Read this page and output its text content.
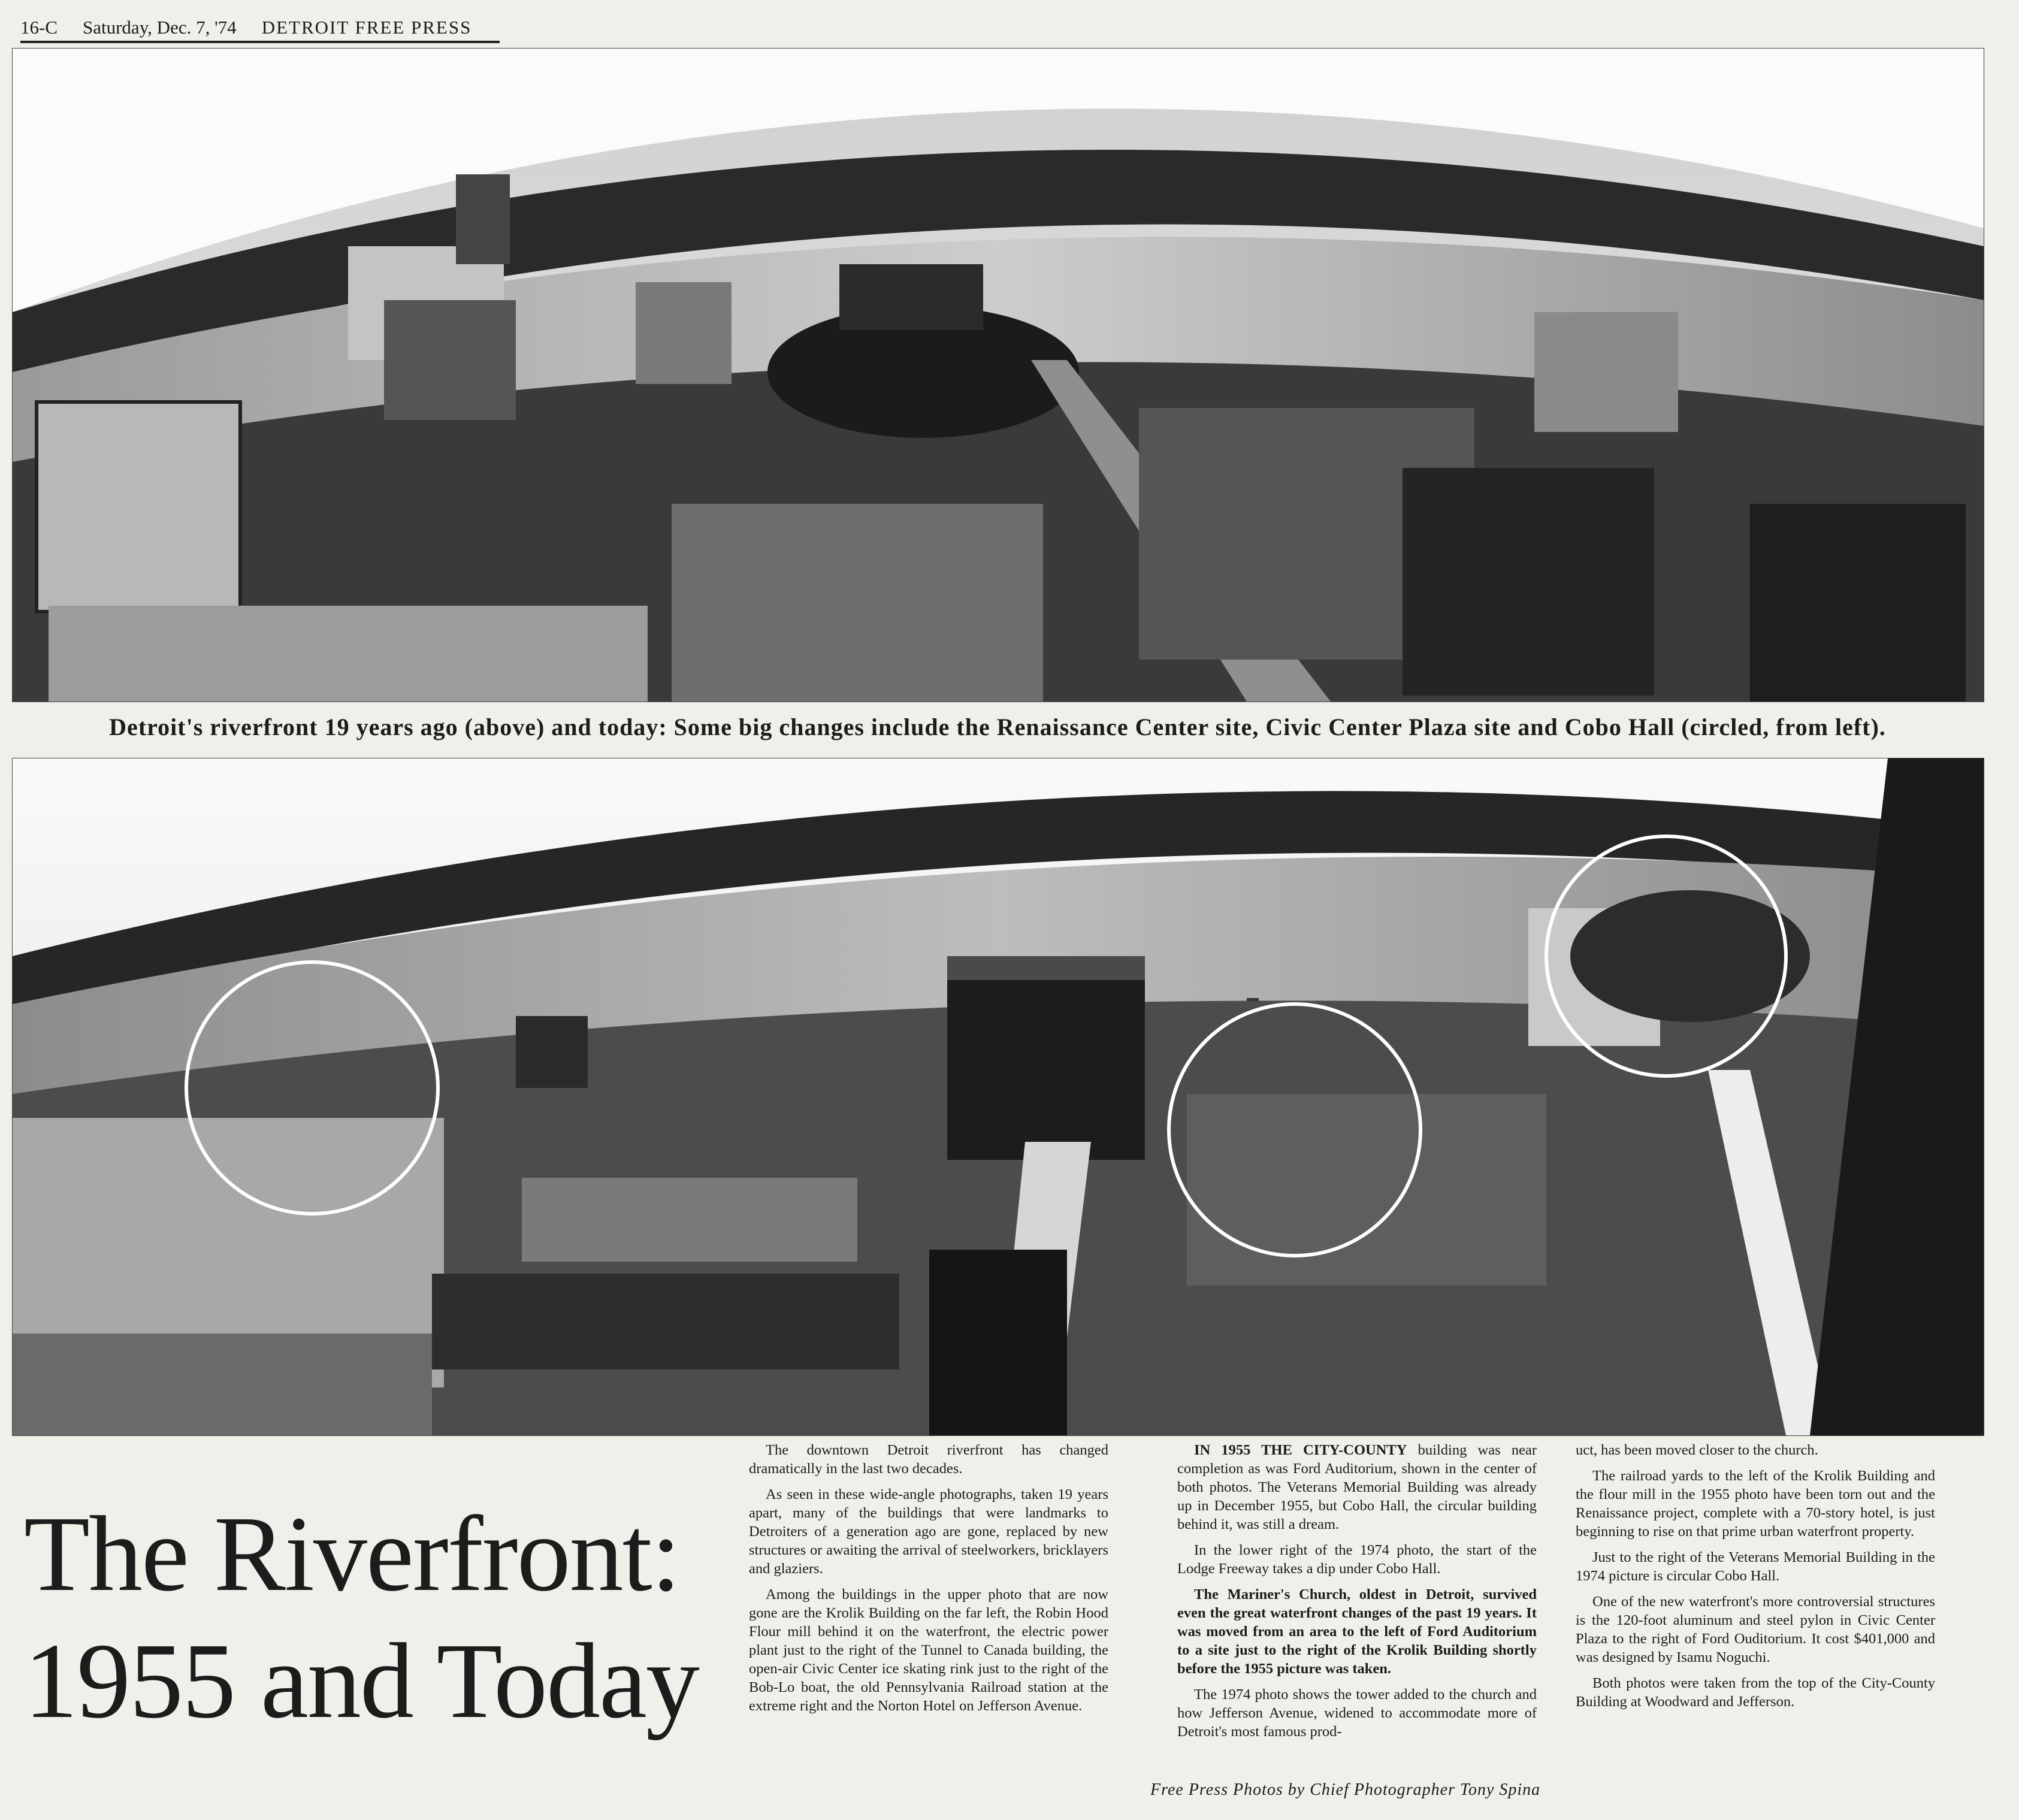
16-C Saturday, Dec. 7, '74 DETROIT FREE PRESS
Detroit's riverfront 19 years ago (above) and today: Some big changes include the Renaissance Center site, Civic Center Plaza site and Cobo Hall (circled, from left).
The Riverfront:
1955 and Today

The downtown Detroit riverfront has changed dramatically in the last two decades.

As seen in these wide-angle photographs, taken 19 years apart, many of the buildings that were landmarks to Detroiters of a generation ago are gone, replaced by new structures or awaiting the arrival of steelworkers, bricklayers and glaziers.

Among the buildings in the upper photo that are now gone are the Krolik Building on the far left, the Robin Hood Flour mill behind it on the waterfront, the electric power plant just to the right of the Tunnel to Canada building, the open-air Civic Center ice skating rink just to the right of the Bob-Lo boat, the old Pennsylvania Railroad station at the extreme right and the Norton Hotel on Jefferson Avenue.

IN 1955 THE CITY-COUNTY building was near completion as was Ford Auditorium, shown in the center of both photos. The Veterans Memorial Building was already up in December 1955, but Cobo Hall, the circular building behind it, was still a dream.

In the lower right of the 1974 photo, the start of the Lodge Freeway takes a dip under Cobo Hall.

The Mariner's Church, oldest in Detroit, survived even the great waterfront changes of the past 19 years. It was moved from an area to the left of Ford Auditorium to a site just to the right of the Krolik Building shortly before the 1955 picture was taken.

The 1974 photo shows the tower added to the church and how Jefferson Avenue, widened to accommodate more of Detroit's most famous prod-

uct, has been moved closer to the church.

The railroad yards to the left of the Krolik Building and the flour mill in the 1955 photo have been torn out and the Renaissance project, complete with a 70-story hotel, is just beginning to rise on that prime urban waterfront property.

Just to the right of the Veterans Memorial Building in the 1974 picture is circular Cobo Hall.

One of the new waterfront's more controversial structures is the 120-foot aluminum and steel pylon in Civic Center Plaza to the right of Ford Ouditorium. It cost $401,000 and was designed by Isamu Noguchi.

Both photos were taken from the top of the City-County Building at Woodward and Jefferson.

Free Press Photos by Chief Photographer Tony Spina
